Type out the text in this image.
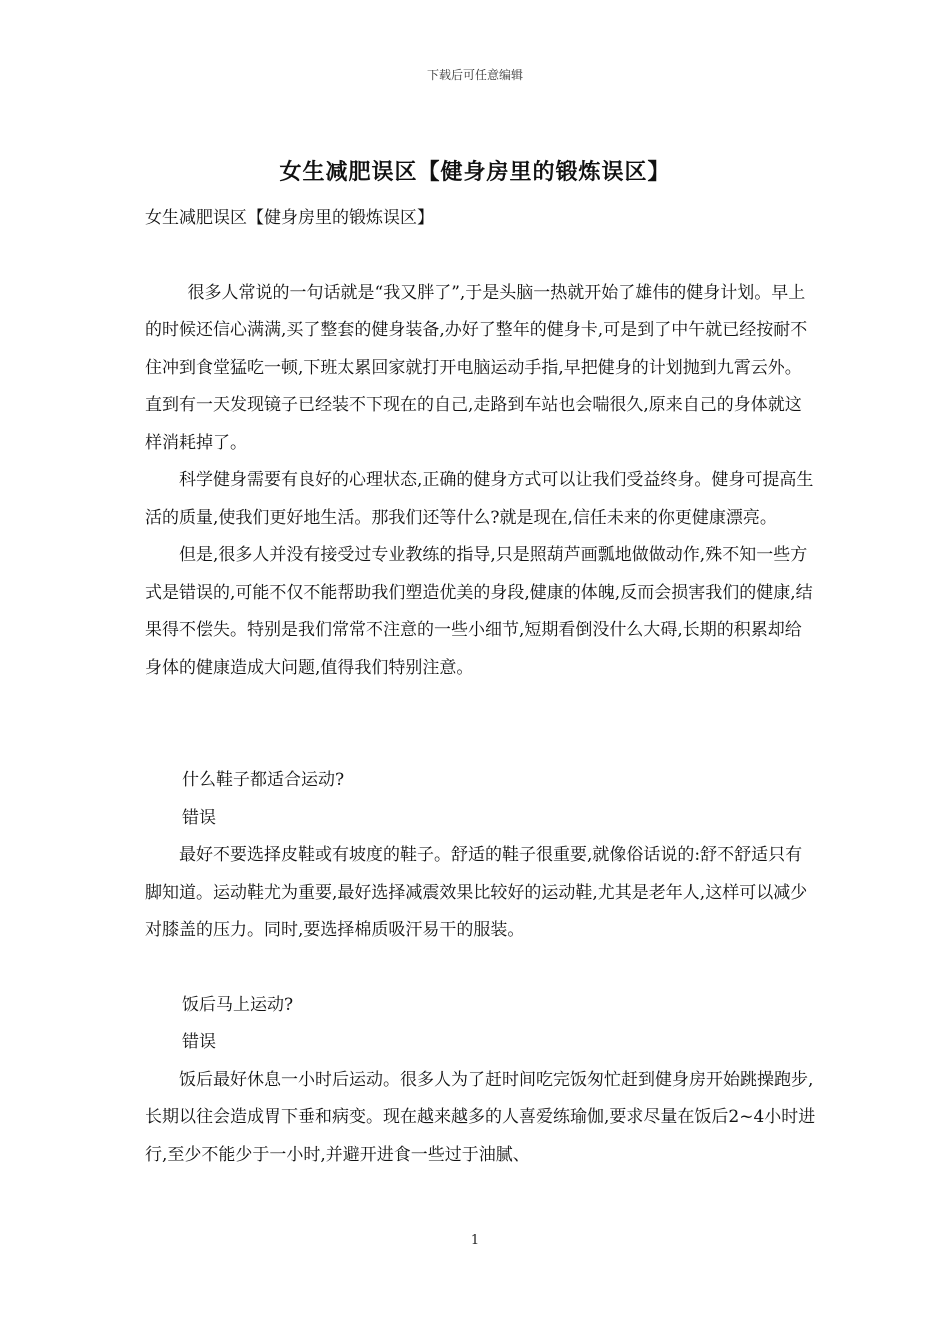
下载后可任意编辑
女生减肥误区【健身房里的锻炼误区】

女生减肥误区【健身房里的锻炼误区】

很多人常说的一句话就是“我又胖了”,于是头脑一热就开始了雄伟的健身计划。早上的时候还信心满满,买了整套的健身装备,办好了整年的健身卡,可是到了中午就已经按耐不住冲到食堂猛吃一顿,下班太累回家就打开电脑运动手指,早把健身的计划抛到九霄云外。直到有一天发现镜子已经装不下现在的自己,走路到车站也会喘很久,原来自己的身体就这样消耗掉了。

科学健身需要有良好的心理状态,正确的健身方式可以让我们受益终身。健身可提高生活的质量,使我们更好地生活。那我们还等什么?就是现在,信任未来的你更健康漂亮。

但是,很多人并没有接受过专业教练的指导,只是照葫芦画瓢地做做动作,殊不知一些方式是错误的,可能不仅不能帮助我们塑造优美的身段,健康的体魄,反而会损害我们的健康,结果得不偿失。特别是我们常常不注意的一些小细节,短期看倒没什么大碍,长期的积累却给身体的健康造成大问题,值得我们特别注意。

什么鞋子都适合运动?

错误

最好不要选择皮鞋或有坡度的鞋子。舒适的鞋子很重要,就像俗话说的:舒不舒适只有脚知道。运动鞋尤为重要,最好选择减震效果比较好的运动鞋,尤其是老年人,这样可以减少对膝盖的压力。同时,要选择棉质吸汗易干的服装。

饭后马上运动?

错误

饭后最好休息一小时后运动。很多人为了赶时间吃完饭匆忙赶到健身房开始跳操跑步,长期以往会造成胃下垂和病变。现在越来越多的人喜爱练瑜伽,要求尽量在饭后2~4小时进行,至少不能少于一小时,并避开进食一些过于油腻、

1
